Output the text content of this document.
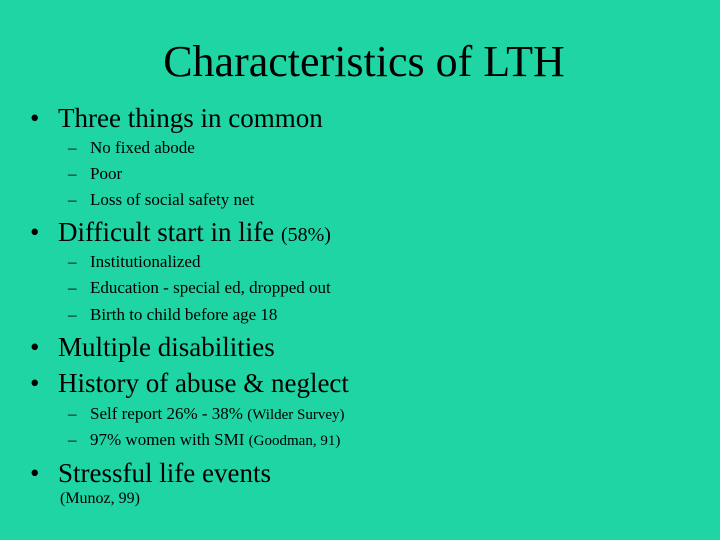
Characteristics of LTH
• Three things in common
– No fixed abode
– Poor
– Loss of social safety net
• Difficult start in life (58%)
– Institutionalized
– Education - special ed, dropped out
– Birth to child before age 18
• Multiple disabilities
• History of abuse & neglect
– Self report 26% - 38% (Wilder Survey)
– 97% women with SMI (Goodman, 91)
• Stressful life events
(Munoz, 99)
